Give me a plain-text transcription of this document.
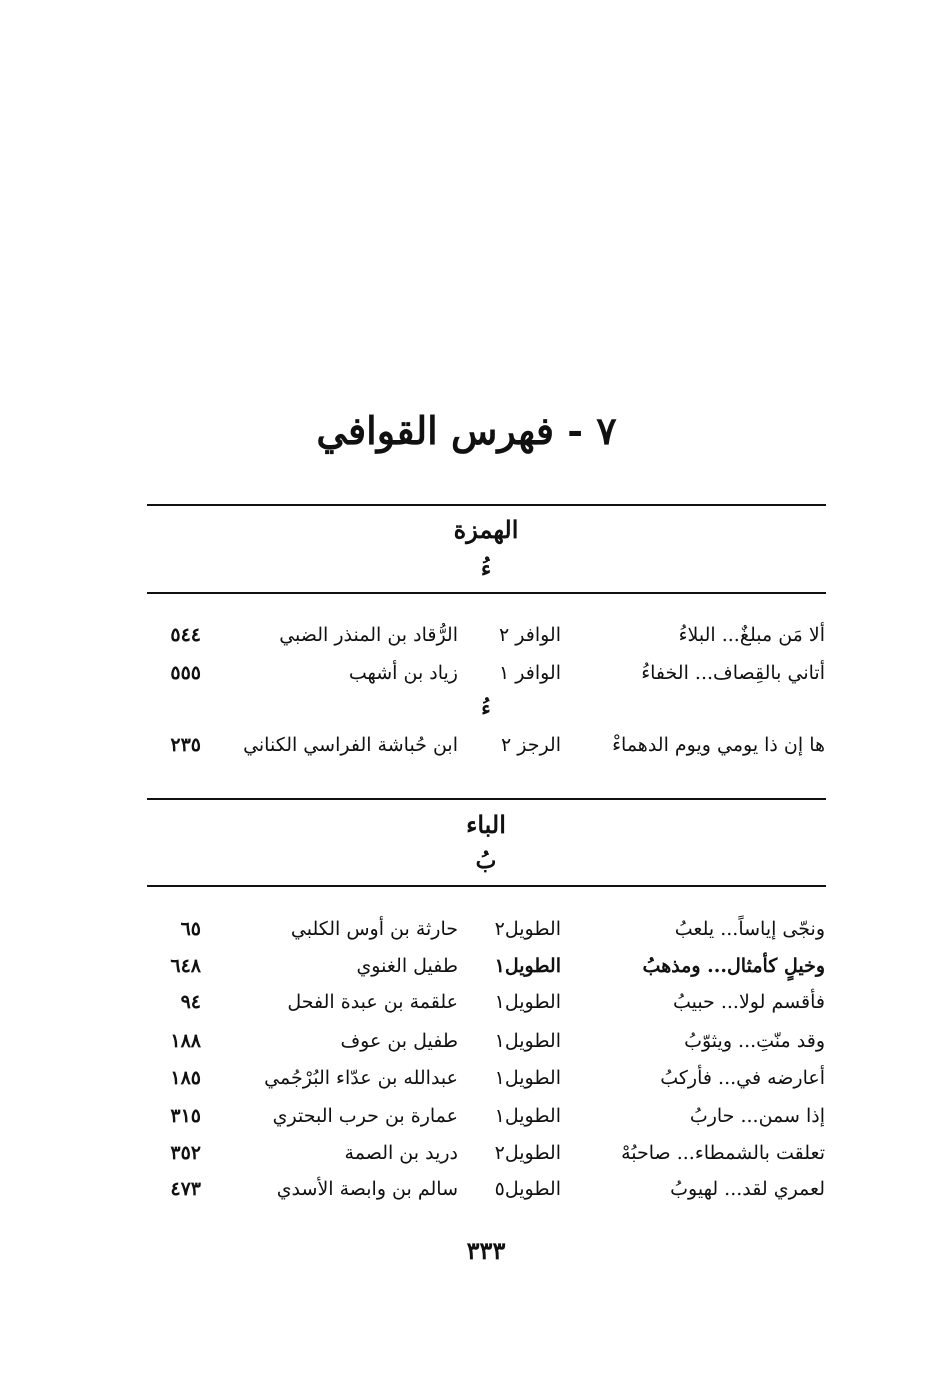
٧ - فهرس القوافي
الهمزة
ءُ
ألا مَن مبلغٌ... البلاءُ
الوافر ٢
الرُّقاد بن المنذر الضبي
٥٤٤
أتاني بالقِصاف... الخفاءُ
الوافر ١
زياد بن أشهب
٥٥٥
ءُ
ها إن ذا يومي ويوم الدهماءْ
الرجز ٢
ابن حُباشة الفراسي الكناني
٢٣٥
الباء
بُ
ونجّى إياساً... يلعبُ
الطويل٢
حارثة بن أوس الكلبي
٦٥
وخيلٍ كأمثال... ومذهبُ
الطويل١
طفيل الغنوي
٦٤٨
فأقسم لولا... حبيبُ
الطويل١
علقمة بن عبدة الفحل
٩٤
وقد منّتِ... ويثوّبُ
الطويل١
طفيل بن عوف
١٨٨
أعارضه في... فأركبُ
الطويل١
عبدالله بن عدّاء البُرْجُمي
١٨٥
إذا سمن... حاربُ
الطويل١
عمارة بن حرب البحتري
٣١٥
تعلقت بالشمطاء... صاحبُهْ
الطويل٢
دريد بن الصمة
٣٥٢
لعمري لقد... لهيوبُ
الطويل٥
سالم بن وابصة الأسدي
٤٧٣
٣٣٣
